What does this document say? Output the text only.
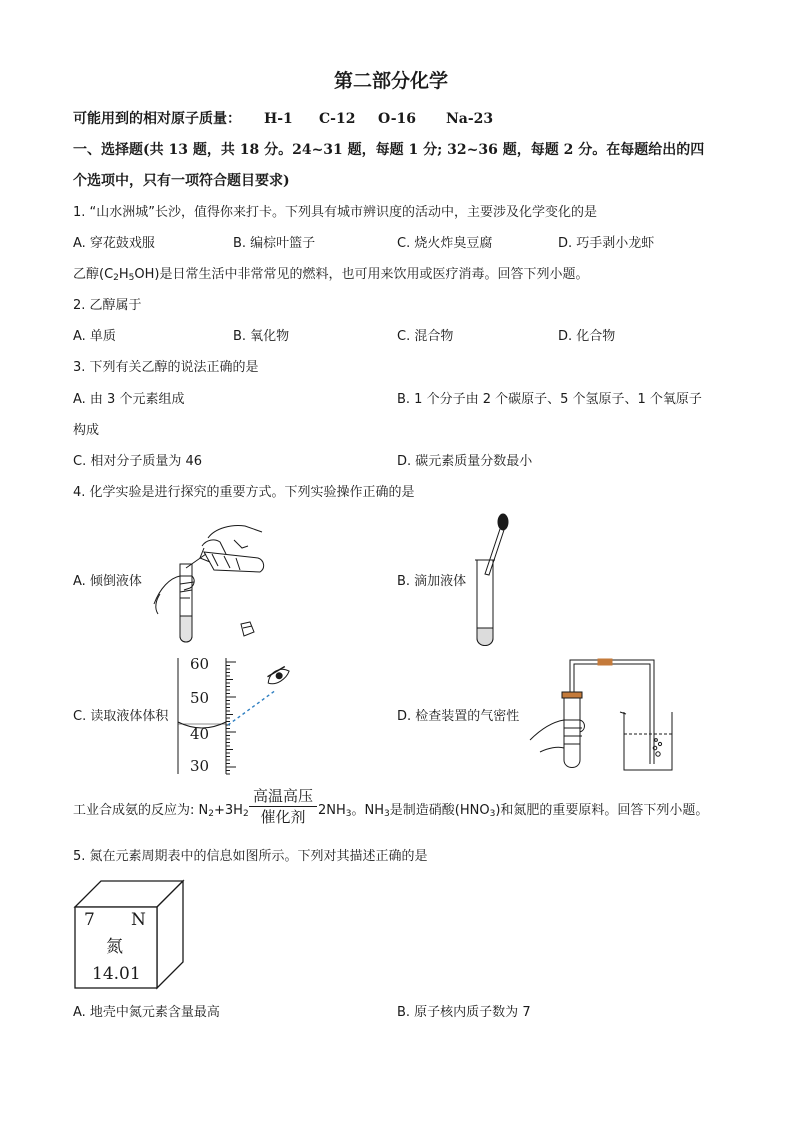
第二部分化学
可能用到的相对原子质量： H-1 C-12 O-16 Na-23
一、选择题(共 13 题，共 18 分。24~31 题，每题 1 分; 32~36 题，每题 2 分。在每题给出的四
个选项中，只有一项符合题目要求)
1. “山水洲城”长沙，值得你来打卡。下列具有城市辨识度的活动中，主要涉及化学变化的是
A. 穿花鼓戏服	B. 编棕叶篮子	C. 烧火炸臭豆腐	D. 巧手剥小龙虾
乙醇$(C_2H_5OH)$是日常生活中非常常见的燃料，也可用来饮用或医疗消毒。回答下列小题。
2. 乙醇属于
A. 单质	B. 氧化物	C. 混合物	D. 化合物
3. 下列有关乙醇的说法正确的是
A. 由 3 个元素组成	B. 1 个分子由 2 个碳原子、5 个氢原子、1 个氧原子
构成
C. 相对分子质量为 46	D. 碳元素质量分数最小
4. 化学实验是进行探究的重要方式。下列实验操作正确的是
A. 倾倒液体	B. 滴加液体
60
50
40
30
C. 读取液体体积	D. 检查装置的气密性
工业合成氨的反应为: $N_2+3H_2$
高温高压
催化剂 $2NH_3$。$NH_3$是制造硝酸$(HNO_3)$和氮肥的重要原料。回答下列小题。
5. 氮在元素周期表中的信息如图所示。下列对其描述正确的是
7 N
氮
14.01
A. 地壳中氮元素含量最高	B. 原子核内质子数为 7
